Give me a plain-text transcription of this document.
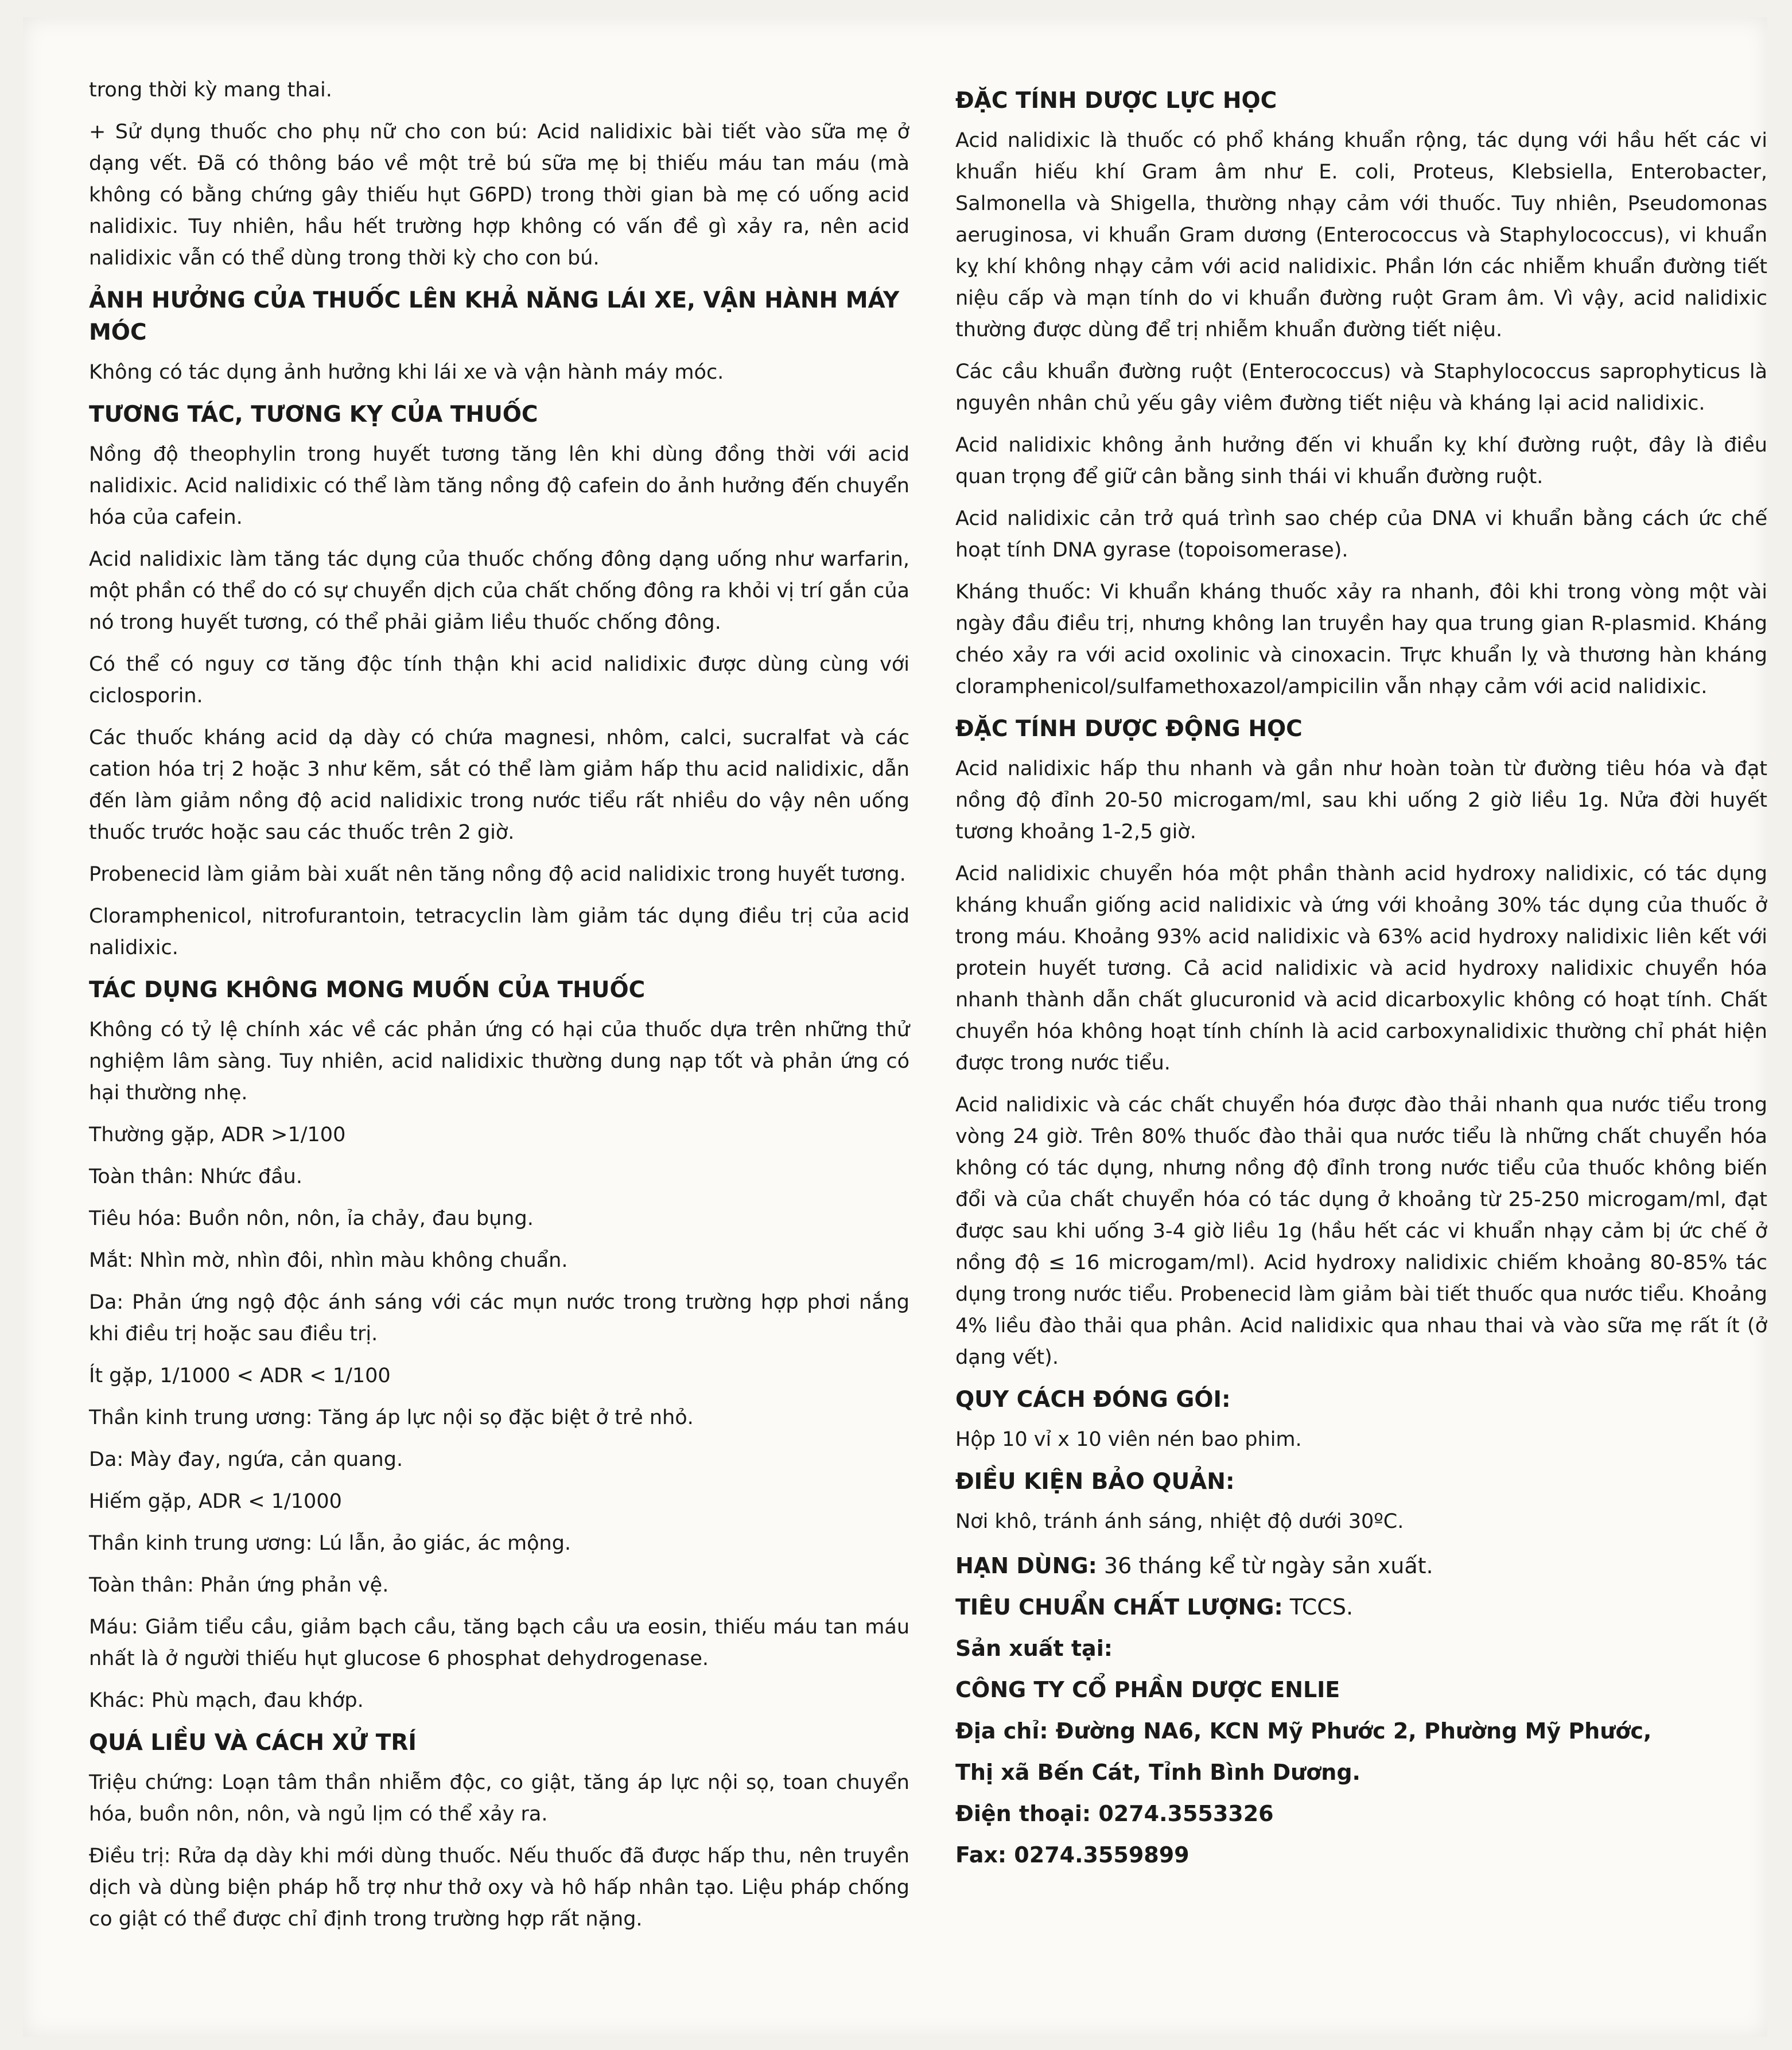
trong thời kỳ mang thai.
+ Sử dụng thuốc cho phụ nữ cho con bú: Acid nalidixic bài tiết vào sữa mẹ ở dạng vết. Đã có thông báo về một trẻ bú sữa mẹ bị thiếu máu tan máu (mà không có bằng chứng gây thiếu hụt G6PD) trong thời gian bà mẹ có uống acid nalidixic. Tuy nhiên, hầu hết trường hợp không có vấn đề gì xảy ra, nên acid nalidixic vẫn có thể dùng trong thời kỳ cho con bú.
ẢNH HƯỞNG CỦA THUỐC LÊN KHẢ NĂNG LÁI XE, VẬN HÀNH MÁY MÓC
Không có tác dụng ảnh hưởng khi lái xe và vận hành máy móc.
TƯƠNG TÁC, TƯƠNG KỴ CỦA THUỐC
Nồng độ theophylin trong huyết tương tăng lên khi dùng đồng thời với acid nalidixic. Acid nalidixic có thể làm tăng nồng độ cafein do ảnh hưởng đến chuyển hóa của cafein.
Acid nalidixic làm tăng tác dụng của thuốc chống đông dạng uống như warfarin, một phần có thể do có sự chuyển dịch của chất chống đông ra khỏi vị trí gắn của nó trong huyết tương, có thể phải giảm liều thuốc chống đông.
Có thể có nguy cơ tăng độc tính thận khi acid nalidixic được dùng cùng với ciclosporin.
Các thuốc kháng acid dạ dày có chứa magnesi, nhôm, calci, sucralfat và các cation hóa trị 2 hoặc 3 như kẽm, sắt có thể làm giảm hấp thu acid nalidixic, dẫn đến làm giảm nồng độ acid nalidixic trong nước tiểu rất nhiều do vậy nên uống thuốc trước hoặc sau các thuốc trên 2 giờ.
Probenecid làm giảm bài xuất nên tăng nồng độ acid nalidixic trong huyết tương.
Cloramphenicol, nitrofurantoin, tetracyclin làm giảm tác dụng điều trị của acid nalidixic.
TÁC DỤNG KHÔNG MONG MUỐN CỦA THUỐC
Không có tỷ lệ chính xác về các phản ứng có hại của thuốc dựa trên những thử nghiệm lâm sàng. Tuy nhiên, acid nalidixic thường dung nạp tốt và phản ứng có hại thường nhẹ.
Thường gặp, ADR >1/100
Toàn thân: Nhức đầu.
Tiêu hóa: Buồn nôn, nôn, ỉa chảy, đau bụng.
Mắt: Nhìn mờ, nhìn đôi, nhìn màu không chuẩn.
Da: Phản ứng ngộ độc ánh sáng với các mụn nước trong trường hợp phơi nắng khi điều trị hoặc sau điều trị.
Ít gặp, 1/1000 < ADR < 1/100
Thần kinh trung ương: Tăng áp lực nội sọ đặc biệt ở trẻ nhỏ.
Da: Mày đay, ngứa, cản quang.
Hiếm gặp, ADR < 1/1000
Thần kinh trung ương: Lú lẫn, ảo giác, ác mộng.
Toàn thân: Phản ứng phản vệ.
Máu: Giảm tiểu cầu, giảm bạch cầu, tăng bạch cầu ưa eosin, thiếu máu tan máu nhất là ở người thiếu hụt glucose 6 phosphat dehydrogenase.
Khác: Phù mạch, đau khớp.
QUÁ LIỀU VÀ CÁCH XỬ TRÍ
Triệu chứng: Loạn tâm thần nhiễm độc, co giật, tăng áp lực nội sọ, toan chuyển hóa, buồn nôn, nôn, và ngủ lịm có thể xảy ra.
Điều trị: Rửa dạ dày khi mới dùng thuốc. Nếu thuốc đã được hấp thu, nên truyền dịch và dùng biện pháp hỗ trợ như thở oxy và hô hấp nhân tạo. Liệu pháp chống co giật có thể được chỉ định trong trường hợp rất nặng.
ĐẶC TÍNH DƯỢC LỰC HỌC
Acid nalidixic là thuốc có phổ kháng khuẩn rộng, tác dụng với hầu hết các vi khuẩn hiếu khí Gram âm như E. coli, Proteus, Klebsiella, Enterobacter, Salmonella và Shigella, thường nhạy cảm với thuốc. Tuy nhiên, Pseudomonas aeruginosa, vi khuẩn Gram dương (Enterococcus và Staphylococcus), vi khuẩn kỵ khí không nhạy cảm với acid nalidixic. Phần lớn các nhiễm khuẩn đường tiết niệu cấp và mạn tính do vi khuẩn đường ruột Gram âm. Vì vậy, acid nalidixic thường được dùng để trị nhiễm khuẩn đường tiết niệu.
Các cầu khuẩn đường ruột (Enterococcus) và Staphylococcus saprophyticus là nguyên nhân chủ yếu gây viêm đường tiết niệu và kháng lại acid nalidixic.
Acid nalidixic không ảnh hưởng đến vi khuẩn kỵ khí đường ruột, đây là điều quan trọng để giữ cân bằng sinh thái vi khuẩn đường ruột.
Acid nalidixic cản trở quá trình sao chép của DNA vi khuẩn bằng cách ức chế hoạt tính DNA gyrase (topoisomerase).
Kháng thuốc: Vi khuẩn kháng thuốc xảy ra nhanh, đôi khi trong vòng một vài ngày đầu điều trị, nhưng không lan truyền hay qua trung gian R-plasmid. Kháng chéo xảy ra với acid oxolinic và cinoxacin. Trực khuẩn lỵ và thương hàn kháng cloramphenicol/sulfamethoxazol/ampicilin vẫn nhạy cảm với acid nalidixic.
ĐẶC TÍNH DƯỢC ĐỘNG HỌC
Acid nalidixic hấp thu nhanh và gần như hoàn toàn từ đường tiêu hóa và đạt nồng độ đỉnh 20-50 microgam/ml, sau khi uống 2 giờ liều 1g. Nửa đời huyết tương khoảng 1-2,5 giờ.
Acid nalidixic chuyển hóa một phần thành acid hydroxy nalidixic, có tác dụng kháng khuẩn giống acid nalidixic và ứng với khoảng 30% tác dụng của thuốc ở trong máu. Khoảng 93% acid nalidixic và 63% acid hydroxy nalidixic liên kết với protein huyết tương. Cả acid nalidixic và acid hydroxy nalidixic chuyển hóa nhanh thành dẫn chất glucuronid và acid dicarboxylic không có hoạt tính. Chất chuyển hóa không hoạt tính chính là acid carboxynalidixic thường chỉ phát hiện được trong nước tiểu.
Acid nalidixic và các chất chuyển hóa được đào thải nhanh qua nước tiểu trong vòng 24 giờ. Trên 80% thuốc đào thải qua nước tiểu là những chất chuyển hóa không có tác dụng, nhưng nồng độ đỉnh trong nước tiểu của thuốc không biến đổi và của chất chuyển hóa có tác dụng ở khoảng từ 25-250 microgam/ml, đạt được sau khi uống 3-4 giờ liều 1g (hầu hết các vi khuẩn nhạy cảm bị ức chế ở nồng độ ≤ 16 microgam/ml). Acid hydroxy nalidixic chiếm khoảng 80-85% tác dụng trong nước tiểu. Probenecid làm giảm bài tiết thuốc qua nước tiểu. Khoảng 4% liều đào thải qua phân. Acid nalidixic qua nhau thai và vào sữa mẹ rất ít (ở dạng vết).
QUY CÁCH ĐÓNG GÓI:
Hộp 10 vỉ x 10 viên nén bao phim.
ĐIỀU KIỆN BẢO QUẢN:
Nơi khô, tránh ánh sáng, nhiệt độ dưới 30ºC.
HẠN DÙNG: 36 tháng kể từ ngày sản xuất.
TIÊU CHUẨN CHẤT LƯỢNG: TCCS.
Sản xuất tại:
CÔNG TY CỔ PHẦN DƯỢC ENLIE
Địa chỉ: Đường NA6, KCN Mỹ Phước 2, Phường Mỹ Phước,
Thị xã Bến Cát, Tỉnh Bình Dương.
Điện thoại: 0274.3553326
Fax: 0274.3559899
